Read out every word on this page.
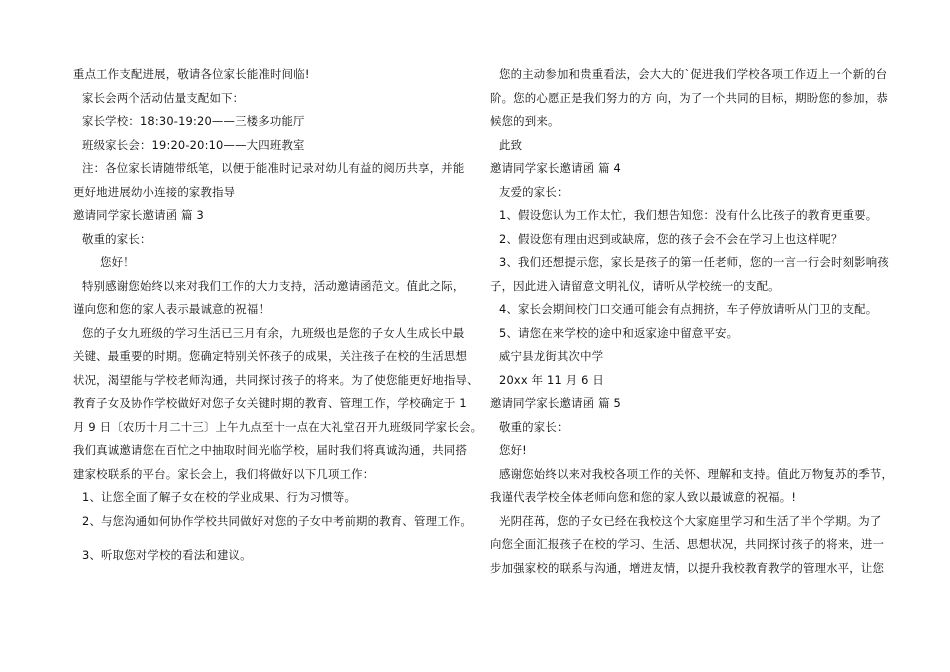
重点工作支配进展，敬请各位家长能准时间临!
家长会两个活动估量支配如下：
家长学校：18:30-19:20——三楼多功能厅
班级家长会：19:20-20:10——大四班教室
注：各位家长请随带纸笔，以便于能准时记录对幼儿有益的阅历共享，并能
更好地进展幼小连接的家教指导
邀请同学家长邀请函 篇 3
敬重的家长：
您好！
特别感谢您始终以来对我们工作的大力支持，活动邀请函范文。值此之际，
谨向您和您的家人表示最诚意的祝福！
您的子女九班级的学习生活已三月有余，九班级也是您的子女人生成长中最
关键、最重要的时期。您确定特别关怀孩子的成果，关注孩子在校的生活思想
状况，渴望能与学校老师沟通，共同探讨孩子的将来。为了使您能更好地指导、
教育子女及协作学校做好对您子女关键时期的教育、管理工作，学校确定于 1
月 9 日〔农历十月二十三〕上午九点至十一点在大礼堂召开九班级同学家长会。
我们真诚邀请您在百忙之中抽取时间光临学校，届时我们将真诚沟通，共同搭
建家校联系的平台。家长会上，我们将做好以下几项工作：
1、让您全面了解子女在校的学业成果、行为习惯等。
2、与您沟通如何协作学校共同做好对您的子女中考前期的教育、管理工作。
3、听取您对学校的看法和建议。
您的主动参加和贵重看法，会大大的`促进我们学校各项工作迈上一个新的台
阶。您的心愿正是我们努力的方 向，为了一个共同的目标，期盼您的参加，恭
候您的到来。
此致
邀请同学家长邀请函 篇 4
友爱的家长：
1、假设您认为工作太忙，我们想告知您：没有什么比孩子的教育更重要。
2、假设您有理由迟到或缺席，您的孩子会不会在学习上也这样呢？
3、我们还想提示您，家长是孩子的第一任老师，您的一言一行会时刻影响孩
子，因此进入请留意文明礼仪，请听从学校统一的支配。
4、家长会期间校门口交通可能会有点拥挤，车子停放请听从门卫的支配。
5、请您在来学校的途中和返家途中留意平安。
威宁县龙街其次中学
20xx 年 11 月 6 日
邀请同学家长邀请函 篇 5
敬重的家长：
您好!
感谢您始终以来对我校各项工作的关怀、理解和支持。值此万物复苏的季节，
我谨代表学校全体老师向您和您的家人致以最诚意的祝福。!
光阴荏苒，您的子女已经在我校这个大家庭里学习和生活了半个学期。为了
向您全面汇报孩子在校的学习、生活、思想状况，共同探讨孩子的将来，进一
步加强家校的联系与沟通，增进友情，以提升我校教育教学的管理水平，让您
